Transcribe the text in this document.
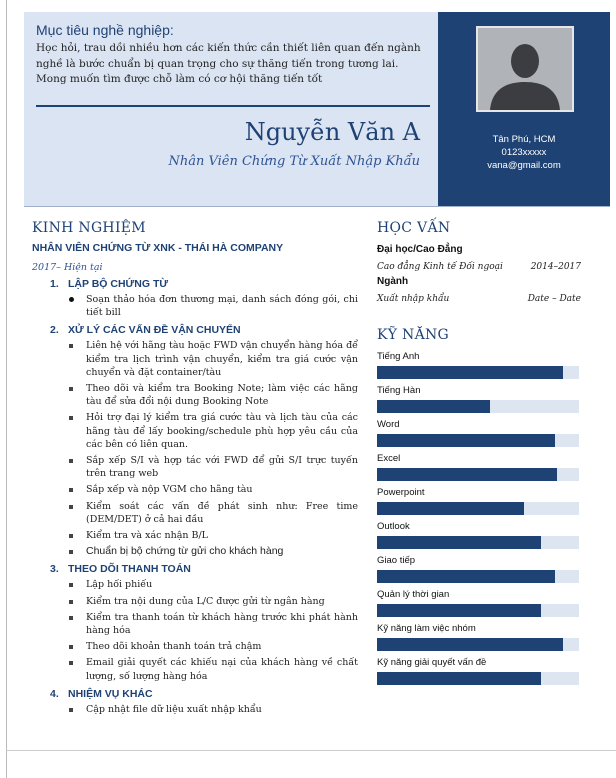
Mục tiêu nghề nghiệp:

Học hỏi, trau dồi nhiều hơn các kiến thức cần thiết liên quan đến ngành nghề là bước chuẩn bị quan trọng cho sự thăng tiến trong tương lai.

Mong muốn tìm được chỗ làm có cơ hội thăng tiến tốt

Nguyễn Văn A
Nhân Viên Chứng Từ Xuất Nhập Khẩu
Tân Phú, HCM
0123xxxxx
vana@gmail.com
KINH NGHIỆM
NHÂN VIÊN CHỨNG TỪ XNK - THÁI HÀ COMPANY
2017– Hiện tại

1. LẬP BỘ CHỨNG TỪ

Soạn thảo hóa đơn thương mại, danh sách đóng gói, chi tiết bill

2. XỬ LÝ CÁC VẤN ĐỀ VẬN CHUYỂN

Liên hệ với hãng tàu hoặc FWD vận chuyển hàng hóa để kiểm tra lịch trình vận chuyển, kiểm tra giá cước vận chuyển và đặt container/tàu
Theo dõi và kiểm tra Booking Note; làm việc các hãng tàu để sửa đổi nội dung Booking Note
Hỏi trợ đại lý kiểm tra giá cước tàu và lịch tàu của các hãng tàu để lấy booking/schedule phù hợp yêu cầu của các bên có liên quan.
Sắp xếp S/I và hợp tác với FWD để gửi S/I trực tuyến trên trang web
Sắp xếp và nộp VGM cho hãng tàu
Kiểm soát các vấn đề phát sinh như: Free time (DEM/DET) ở cả hai đầu
Kiểm tra và xác nhận B/L
Chuẩn bị bộ chứng từ gửi cho khách hàng

3. THEO DÕI THANH TOÁN

Lập hối phiếu
Kiểm tra nội dung của L/C được gửi từ ngân hàng
Kiểm tra thanh toán từ khách hàng trước khi phát hành hàng hóa
Theo dõi khoản thanh toán trả chậm
Email giải quyết các khiếu nại của khách hàng về chất lượng, số lượng hàng hóa

4. NHIỆM VỤ KHÁC

Cập nhật file dữ liệu xuất nhập khẩu
HỌC VẤN
Đại học/Cao Đẳng
Cao đẳng Kinh tế Đối ngoại	2014–2017
Ngành
Xuất nhập khẩu	Date – Date
KỸ NĂNG
Tiếng Anh
Tiếng Hàn
Word
Excel
Powerpoint
Outlook
Giao tiếp
Quản lý thời gian
Kỹ năng làm việc nhóm
Kỹ năng giải quyết vấn đề
